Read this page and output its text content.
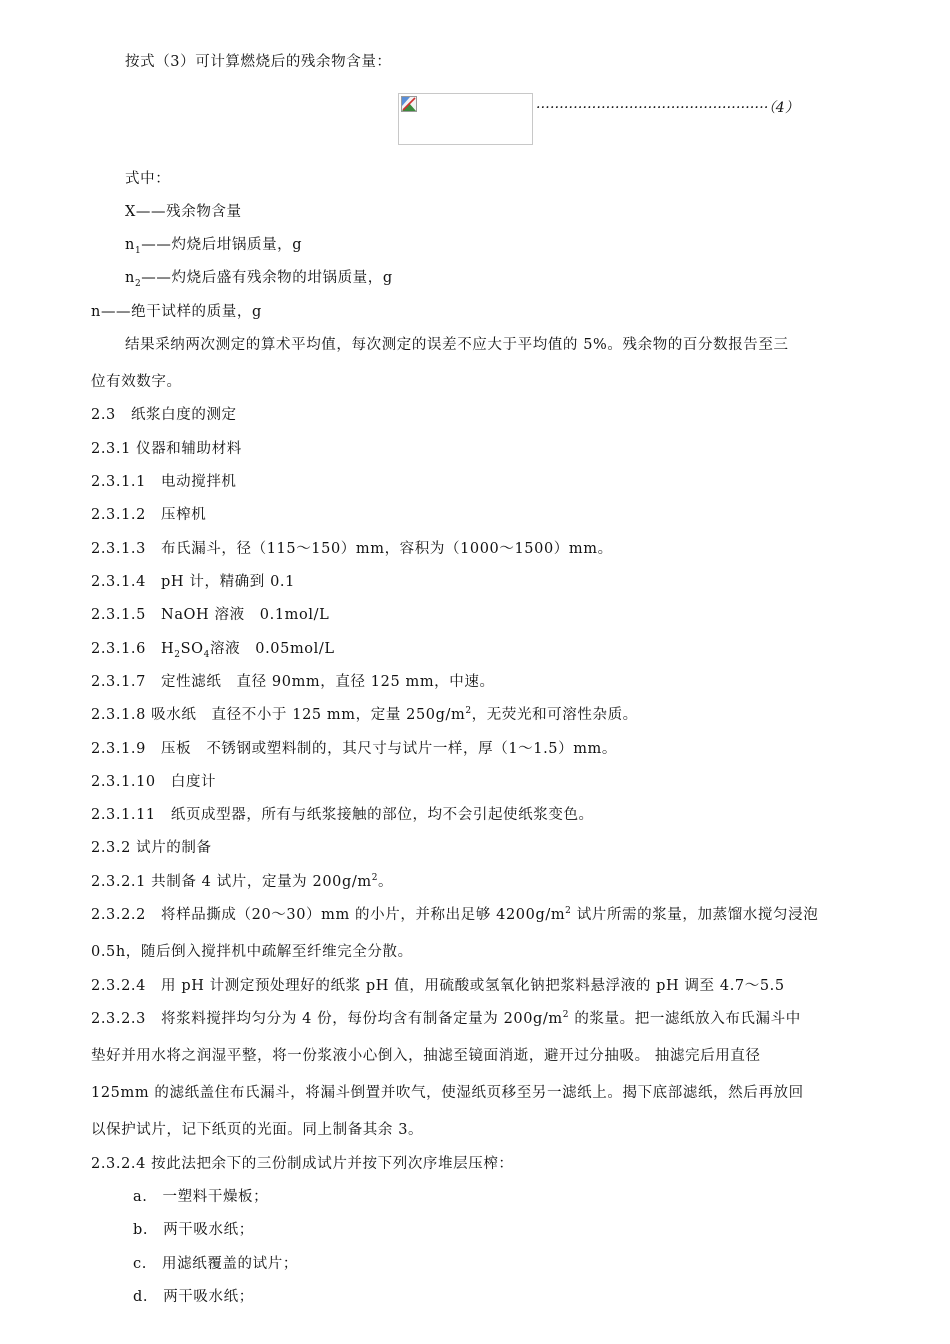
按式（3）可计算燃烧后的残余物含量：
··················································（4）
式中：
X——残余物含量
$n_1——$灼烧后坩锅质量，g
$n_2——$灼烧后盛有残余物的坩锅质量，g
n——绝干试样的质量，g
结果采纳两次测定的算术平均值，每次测定的误差不应大于平均值的 5%。残余物的百分数报告至三
位有效数字。
2.3　纸浆白度的测定
2.3.1 仪器和辅助材料
2.3.1.1　电动搅拌机
2.3.1.2　压榨机
2.3.1.3　布氏漏斗，径（115～150）mm，容积为（1000～1500）mm。
2.3.1.4　pH 计，精确到 0.1
2.3.1.5　NaOH 溶液　0.1mol/L
2.3.1.6　$H_2SO_4$溶液　0.05mol/L
2.3.1.7　定性滤纸　直径 90mm，直径 125 mm，中速。
2.3.1.8 吸水纸　直径不小于 125 mm，定量 $250g/m^2$，无荧光和可溶性杂质。
2.3.1.9　压板　不锈钢或塑料制的，其尺寸与试片一样，厚（1～1.5）mm。
2.3.1.10　白度计
2.3.1.11　纸页成型器，所有与纸浆接触的部位，均不会引起使纸浆变色。
2.3.2 试片的制备
2.3.2.1 共制备 4 试片，定量为 $200g/m^2$。
2.3.2.2　将样品撕成（20～30）mm 的小片，并称出足够 $4200g/m^2$ 试片所需的浆量，加蒸馏水搅匀浸泡
0.5h，随后倒入搅拌机中疏解至纤维完全分散。
2.3.2.4　用 pH 计测定预处理好的纸浆 pH 值，用硫酸或氢氧化钠把浆料悬浮液的 pH 调至 4.7～5.5
2.3.2.3　将浆料搅拌均匀分为 4 份，每份均含有制备定量为 $200g/m^2$ 的浆量。把一滤纸放入布氏漏斗中
垫好并用水将之润湿平整，将一份浆液小心倒入，抽滤至镜面消逝，避开过分抽吸。 抽滤完后用直径
125mm 的滤纸盖住布氏漏斗，将漏斗倒置并吹气，使湿纸页移至另一滤纸上。揭下底部滤纸，然后再放回
以保护试片，记下纸页的光面。同上制备其余 3。
2.3.2.4 按此法把余下的三份制成试片并按下列次序堆层压榨：
a.　一塑料干燥板；
b.　两干吸水纸；
c.　用滤纸覆盖的试片；
d.　两干吸水纸；
